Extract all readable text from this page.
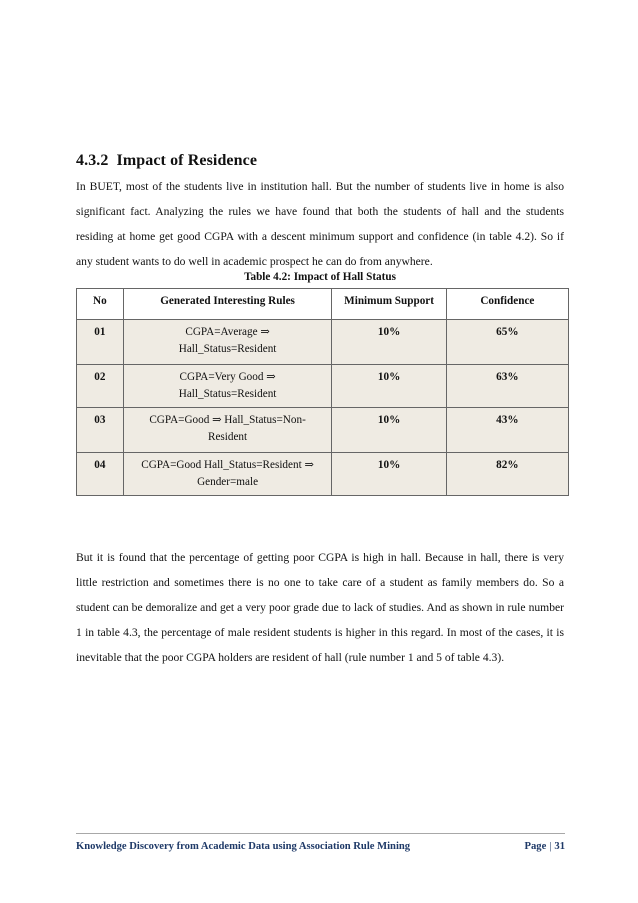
4.3.2 Impact of Residence

In BUET, most of the students live in institution hall. But the number of students live in home is also significant fact. Analyzing the rules we have found that both the students of hall and the students residing at home get good CGPA with a descent minimum support and confidence (in table 4.2). So if any student wants to do well in academic prospect he can do from anywhere.

Table 4.2: Impact of Hall Status

No	Generated Interesting Rules	Minimum Support	Confidence
01	CGPA=Average ⇒
Hall_Status=Resident	10%	65%
02	CGPA=Very Good ⇒
Hall_Status=Resident	10%	63%
03	CGPA=Good ⇒ Hall_Status=Non-
Resident	10%	43%
04	CGPA=Good Hall_Status=Resident ⇒
Gender=male	10%	82%

But it is found that the percentage of getting poor CGPA is high in hall. Because in hall, there is very little restriction and sometimes there is no one to take care of a student as family members do. So a student can be demoralize and get a very poor grade due to lack of studies. And as shown in rule number 1 in table 4.3, the percentage of male resident students is higher in this regard. In most of the cases, it is inevitable that the poor CGPA holders are resident of hall (rule number 1 and 5 of table 4.3).

Knowledge Discovery from Academic Data using Association Rule Mining	Page | 31
